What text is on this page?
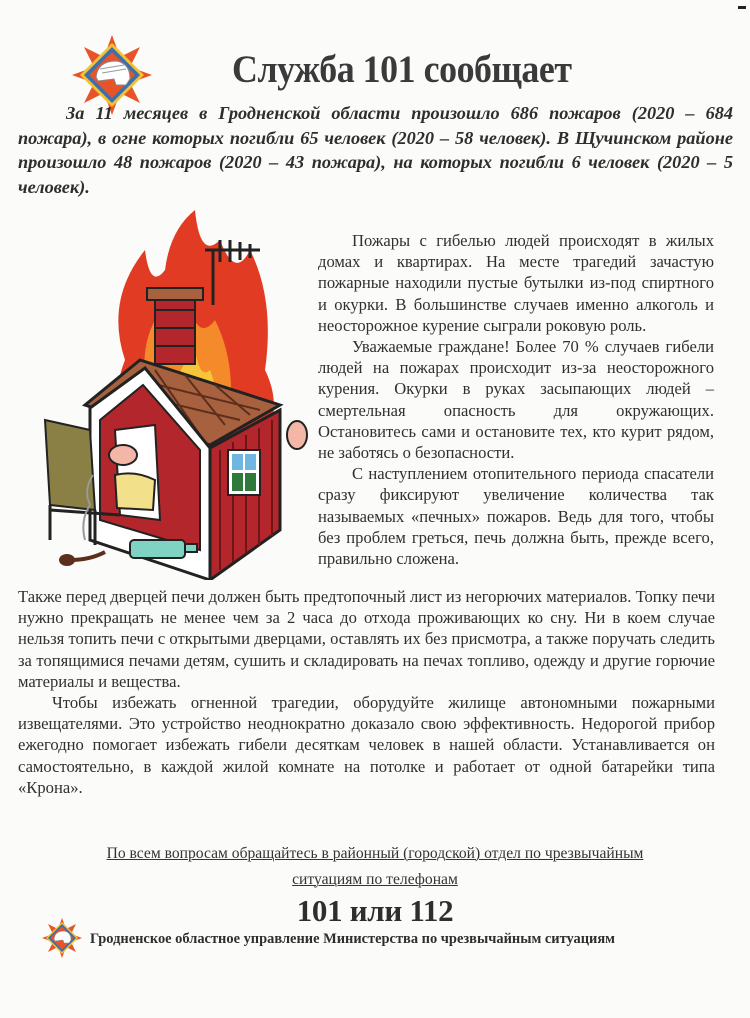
Служба 101 сообщает

За 11 месяцев в Гродненской области произошло 686 пожаров (2020 – 684 пожара), в огне которых погибли 65 человек (2020 – 58 человек). В Щучинском районе произошло 48 пожаров (2020 – 43 пожара), на которых погибли 6 человек (2020 – 5 человек).

Пожары с гибелью людей происходят в жилых домах и квартирах. На месте трагедий зачастую пожарные находили пустые бутылки из-под спиртного и окурки. В большинстве случаев именно алкоголь и неосторожное курение сыграли роковую роль.

Уважаемые граждане! Более 70 % случаев гибели людей на пожарах происходит из-за неосторожного курения. Окурки в руках засыпающих людей – смертельная опасность для окружающих. Остановитесь сами и остановите тех, кто курит рядом, не заботясь о безопасности.

С наступлением отопительного периода спасатели сразу фиксируют увеличение количества так называемых «печных» пожаров. Ведь для того, чтобы без проблем греться, печь должна быть, прежде всего, правильно сложена.

Также перед дверцей печи должен быть предтопочный лист из негорючих материалов. Топку печи нужно прекращать не менее чем за 2 часа до отхода проживающих ко сну. Ни в коем случае нельзя топить печи с открытыми дверцами, оставлять их без присмотра, а также поручать следить за топящимися печами детям, сушить и складировать на печах топливо, одежду и другие горючие материалы и вещества.

Чтобы избежать огненной трагедии, оборудуйте жилище автономными пожарными извещателями. Это устройство неоднократно доказало свою эффективность. Недорогой прибор ежегодно помогает избежать гибели десяткам человек в нашей области. Устанавливается он самостоятельно, в каждой жилой комнате на потолке и работает от одной батарейки типа «Крона».

По всем вопросам обращайтесь в районный (городской) отдел по чрезвычайным
ситуациям по телефонам
101 или 112
Гродненское областное управление Министерства по чрезвычайным ситуациям
